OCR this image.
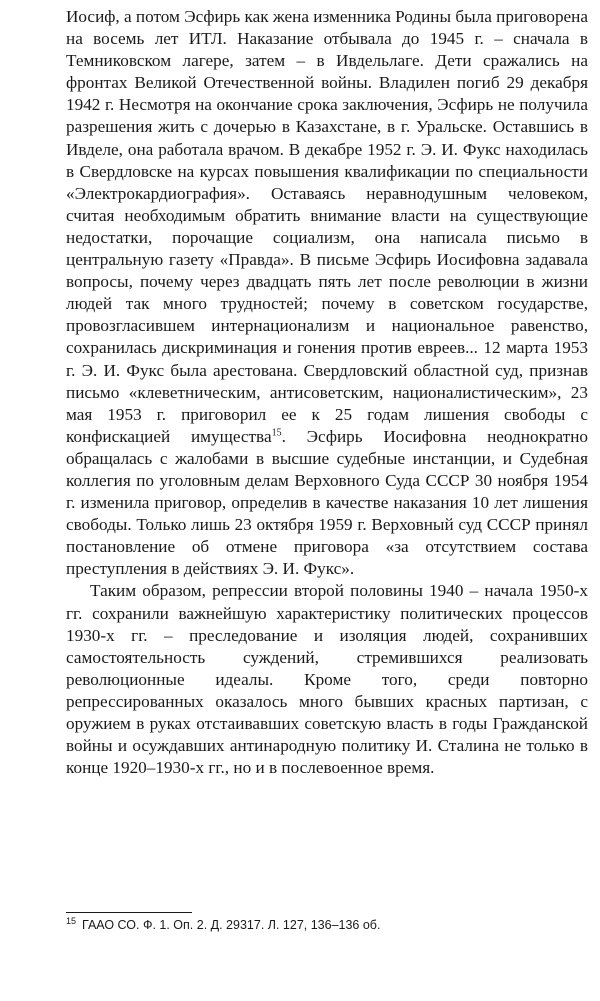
Иосиф, а потом Эсфирь как жена изменника Родины была приговорена на восемь лет ИТЛ. Наказание отбывала до 1945 г. – сначала в Темниковском лагере, затем – в Ивдельлаге. Дети сражались на фронтах Великой Отечественной войны. Владилен погиб 29 декабря 1942 г. Несмотря на окончание срока заключения, Эсфирь не получила разрешения жить с дочерью в Казахстане, в г. Уральске. Оставшись в Ивделе, она работала врачом. В декабре 1952 г. Э. И. Фукс находилась в Свердловске на курсах повышения квалификации по специальности «Электрокардиография». Оставаясь неравнодушным человеком, считая необходимым обратить внимание власти на существующие недостатки, порочащие социализм, она написала письмо в центральную газету «Правда». В письме Эсфирь Иосифовна задавала вопросы, почему через двадцать пять лет после революции в жизни людей так много трудностей; почему в советском государстве, провозгласившем интернационализм и национальное равенство, сохранилась дискриминация и гонения против евреев... 12 марта 1953 г. Э. И. Фукс была арестована. Свердловский областной суд, признав письмо «клеветническим, антисоветским, националистическим», 23 мая 1953 г. приговорил ее к 25 годам лишения свободы с конфискацией имущества$^{15}$. Эсфирь Иосифовна неоднократно обращалась с жалобами в высшие судебные инстанции, и Судебная коллегия по уголовным делам Верховного Суда СССР 30 ноября 1954 г. изменила приговор, определив в качестве наказания 10 лет лишения свободы. Только лишь 23 октября 1959 г. Верховный суд СССР принял постановление об отмене приговора «за отсутствием состава преступления в действиях Э. И. Фукс».

Таким образом, репрессии второй половины 1940 – начала 1950-х гг. сохранили важнейшую характеристику политических процессов 1930-х гг. – преследование и изоляция людей, сохранивших самостоятельность суждений, стремившихся реализовать революционные идеалы. Кроме того, среди повторно репрессированных оказалось много бывших красных партизан, с оружием в руках отстаивавших советскую власть в годы Гражданской войны и осуждавших антинародную политику И. Сталина не только в конце 1920–1930-х гг., но и в послевоенное время.

$^{15}$ ГААО СО. Ф. 1. Оп. 2. Д. 29317. Л. 127, 136–136 об.
